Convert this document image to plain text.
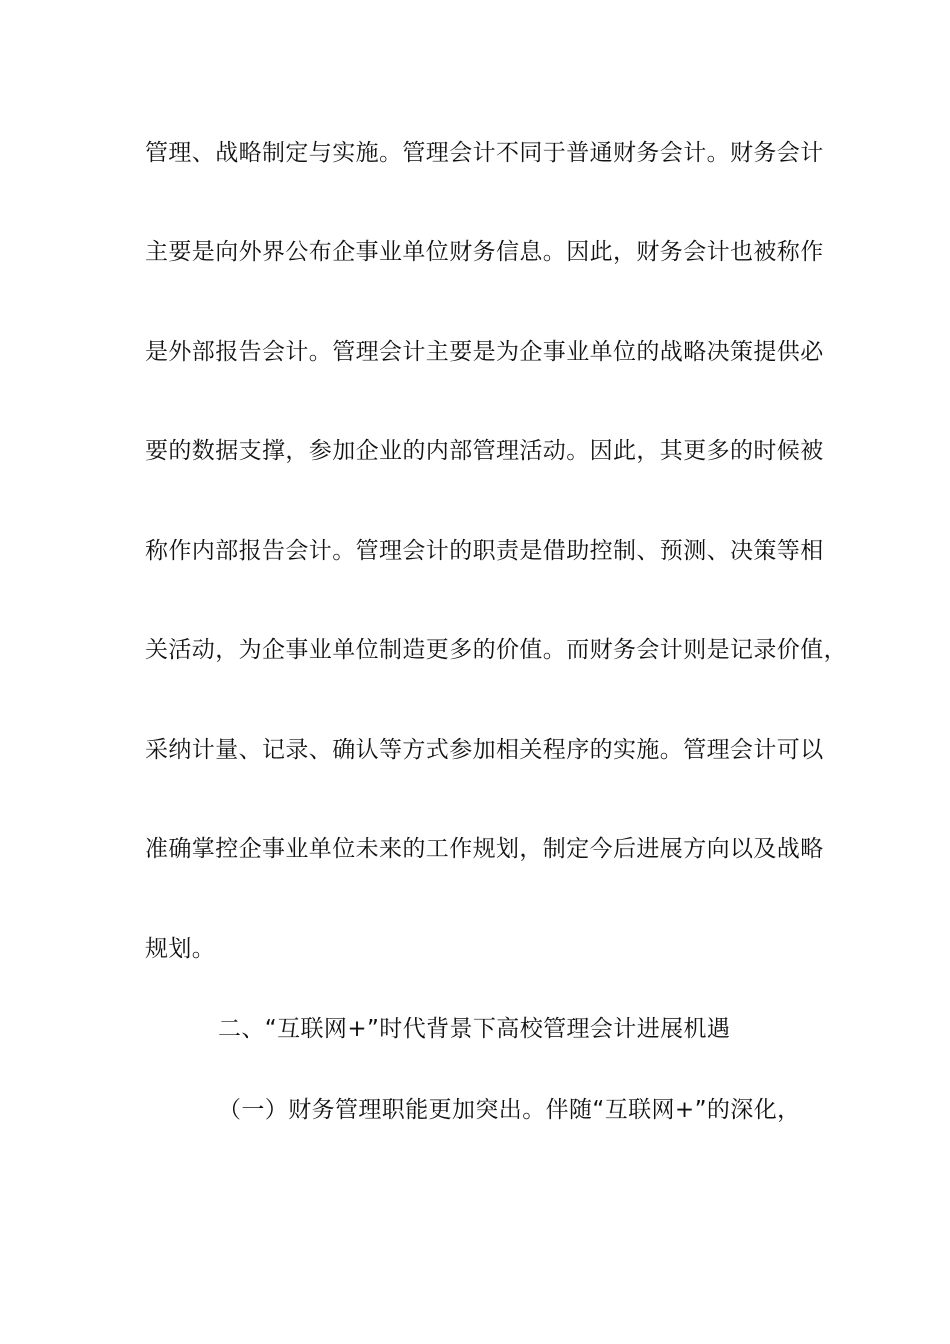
管理、战略制定与实施。管理会计不同于普通财务会计。财务会计
主要是向外界公布企事业单位财务信息。因此，财务会计也被称作
是外部报告会计。管理会计主要是为企事业单位的战略决策提供必
要的数据支撑，参加企业的内部管理活动。因此，其更多的时候被
称作内部报告会计。管理会计的职责是借助控制、预测、决策等相
关活动，为企事业单位制造更多的价值。而财务会计则是记录价值，
采纳计量、记录、确认等方式参加相关程序的实施。管理会计可以
准确掌控企事业单位未来的工作规划，制定今后进展方向以及战略
规划。
二、“互联网+”时代背景下高校管理会计进展机遇
（一）财务管理职能更加突出。伴随“互联网+”的深化，
